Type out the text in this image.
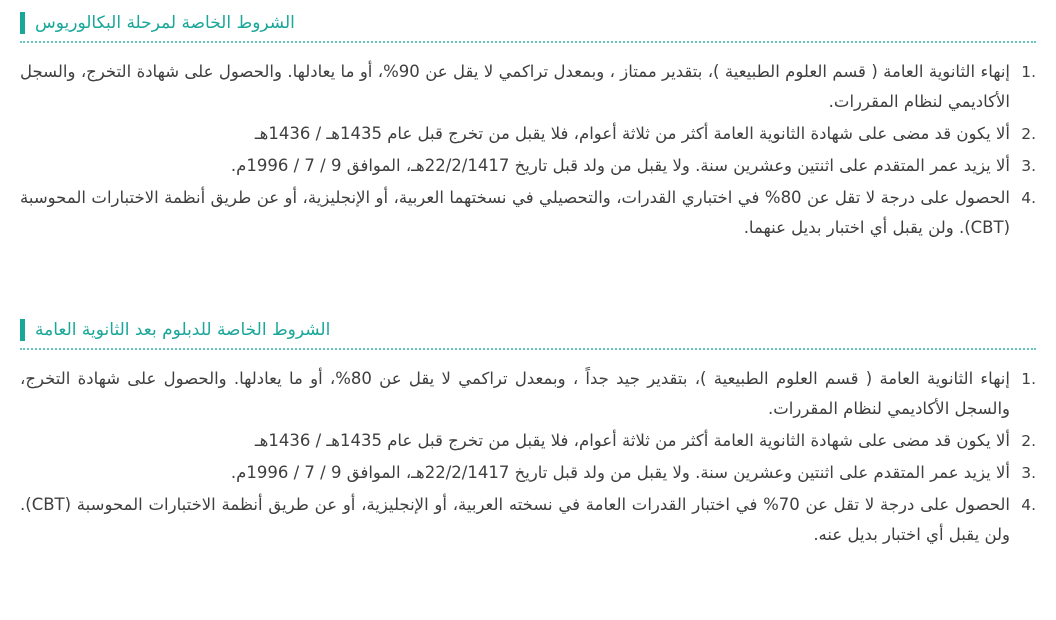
الشروط الخاصة لمرحلة البكالوريوس
إنهاء الثانوية العامة ( قسم العلوم الطبيعية )، بتقدير ممتاز ، وبمعدل تراكمي لا يقل عن 90%، أو ما يعادلها. والحصول على شهادة التخرج، والسجل الأكاديمي لنظام المقررات.
ألا يكون قد مضى على شهادة الثانوية العامة أكثر من ثلاثة أعوام، فلا يقبل من تخرج قبل عام 1435هـ / 1436هـ
ألا يزيد عمر المتقدم على اثنتين وعشرين سنة. ولا يقبل من ولد قبل تاريخ 22/2/1417هـ، الموافق 9 / 7 / 1996م.
الحصول على درجة لا تقل عن 80% في اختباري القدرات، والتحصيلي في نسختهما العربية، أو الإنجليزية، أو عن طريق أنظمة الاختبارات المحوسبة (CBT). ولن يقبل أي اختبار بديل عنهما.
الشروط الخاصة للدبلوم بعد الثانوية العامة
إنهاء الثانوية العامة ( قسم العلوم الطبيعية )، بتقدير جيد جداً ، وبمعدل تراكمي لا يقل عن 80%، أو ما يعادلها. والحصول على شهادة التخرج، والسجل الأكاديمي لنظام المقررات.
ألا يكون قد مضى على شهادة الثانوية العامة أكثر من ثلاثة أعوام، فلا يقبل من تخرج قبل عام 1435هـ / 1436هـ
ألا يزيد عمر المتقدم على اثنتين وعشرين سنة. ولا يقبل من ولد قبل تاريخ 22/2/1417هـ، الموافق 9 / 7 / 1996م.
الحصول على درجة لا تقل عن 70% في اختبار القدرات العامة في نسخته العربية، أو الإنجليزية، أو عن طريق أنظمة الاختبارات المحوسبة (CBT). ولن يقبل أي اختبار بديل عنه.
